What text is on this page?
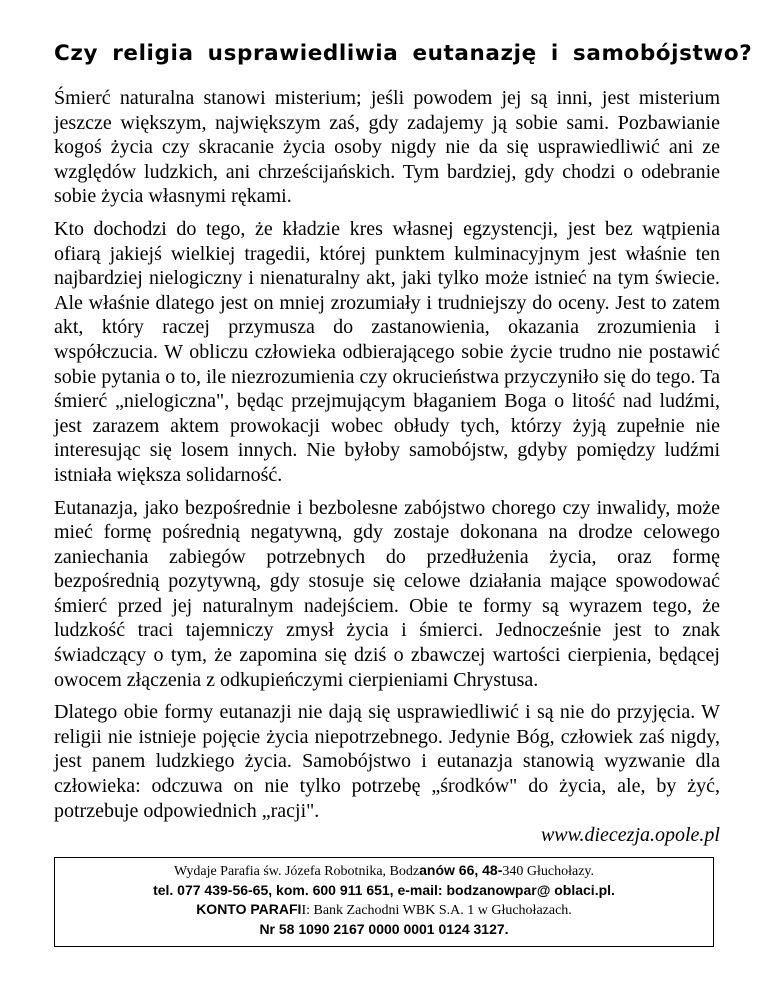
Czy religia usprawiedliwia eutanazję i samobójstwo?

Śmierć naturalna stanowi misterium; jeśli powodem jej są inni, jest misterium jeszcze większym, największym zaś, gdy zadajemy ją sobie sami. Pozbawianie kogoś życia czy skracanie życia osoby nigdy nie da się usprawiedliwić ani ze względów ludzkich, ani chrześcijańskich. Tym bardziej, gdy chodzi o odebranie sobie życia własnymi rękami.

Kto dochodzi do tego, że kładzie kres własnej egzystencji, jest bez wątpienia ofiarą jakiejś wielkiej tragedii, której punktem kulminacyjnym jest właśnie ten najbardziej nielogiczny i nienaturalny akt, jaki tylko może istnieć na tym świecie. Ale właśnie dlatego jest on mniej zrozumiały i trudniejszy do oceny. Jest to zatem akt, który raczej przymusza do zastanowienia, okazania zrozumienia i współczucia. W obliczu człowieka odbierającego sobie życie trudno nie postawić sobie pytania o to, ile niezrozumienia czy okrucieństwa przyczyniło się do tego. Ta śmierć „nielogiczna", będąc przejmującym błaganiem Boga o litość nad ludźmi, jest zarazem aktem prowokacji wobec obłudy tych, którzy żyją zupełnie nie interesując się losem innych. Nie byłoby samobójstw, gdyby pomiędzy ludźmi istniała większa solidarność.

Eutanazja, jako bezpośrednie i bezbolesne zabójstwo chorego czy inwalidy, może mieć formę pośrednią negatywną, gdy zostaje dokonana na drodze celowego zaniechania zabiegów potrzebnych do przedłużenia życia, oraz formę bezpośrednią pozytywną, gdy stosuje się celowe działania mające spowodować śmierć przed jej naturalnym nadejściem. Obie te formy są wyrazem tego, że ludzkość traci tajemniczy zmysł życia i śmierci. Jednocześnie jest to znak świadczący o tym, że zapomina się dziś o zbawczej wartości cierpienia, będącej owocem złączenia z odkupieńczymi cierpieniami Chrystusa.

Dlatego obie formy eutanazji nie dają się usprawiedliwić i są nie do przyjęcia. W religii nie istnieje pojęcie życia niepotrzebnego. Jedynie Bóg, człowiek zaś nigdy, jest panem ludzkiego życia. Samobójstwo i eutanazja stanowią wyzwanie dla człowieka: odczuwa on nie tylko potrzebę „środków" do życia, ale, by żyć, potrzebuje odpowiednich „racji".

www.diecezja.opole.pl
Wydaje Parafia św. Józefa Robotnika, Bodzanów 66, 48-340 Głuchołazy.
tel. 077 439-56-65, kom. 600 911 651, e-mail: bodzanowpar@ oblaci.pl.
KONTO PARAFII: Bank Zachodni WBK S.A. 1 w Głuchołazach.
Nr 58 1090 2167 0000 0001 0124 3127.
